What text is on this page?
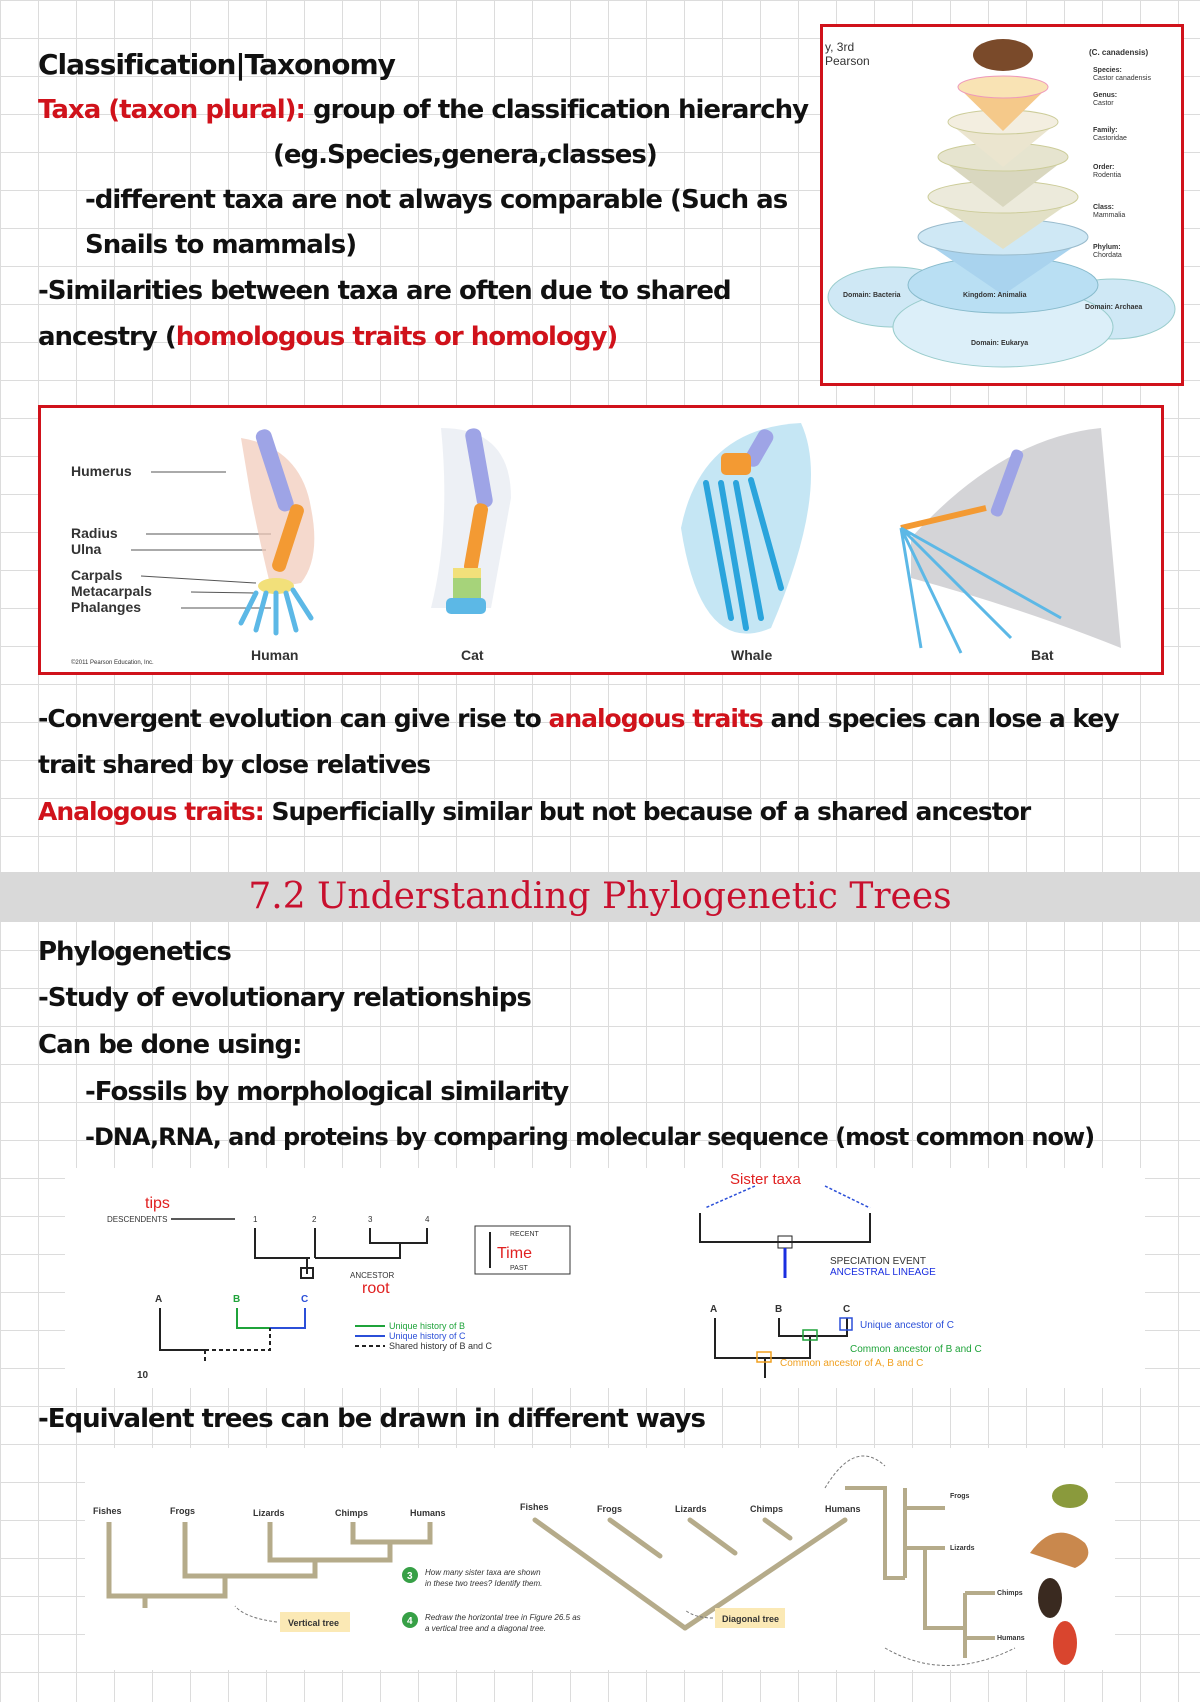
Classification|Taxonomy
Taxa (taxon plural): group of the classification hierarchy
(eg.Species,genera,classes)
-different taxa are not always comparable (Such as
Snails to mammals)
-Similarities between taxa are often due to shared
ancestry (homologous traits or homology)
y, 3rd
Pearson
(C. canadensis)
Species:
Castor canadensis
Genus:
Castor
Family:
Castoridae
Order:
Rodentia
Class:
Mammalia
Phylum:
Chordata
Domain: Bacteria	Kingdom: Animalia
Domain: Archaea
Domain: Eukarya
Humerus
Radius
Ulna
Carpals
Metacarpals
Phalanges
Human	Cat	Whale	Bat
©2011 Pearson Education, Inc.
-Convergent evolution can give rise to analogous traits and species can lose a key
trait shared by close relatives
Analogous traits: Superficially similar but not because of a shared ancestor
7.2 Understanding Phylogenetic Trees
Phylogenetics
-Study of evolutionary relationships
Can be done using:
-Fossils by morphological similarity
-DNA,RNA, and proteins by comparing molecular sequence (most common now)
tips
DESCENDENTS	1	2	3	4
ANCESTOR
root
RECENT
Time
PAST
Sister taxa
SPECIATION EVENT
ANCESTRAL LINEAGE
A	B	C
Unique history of B
Unique history of C
Shared history of B and C
10
A	B	C
Unique ancestor of C
Common ancestor of B and C
Common ancestor of A, B and C
-Equivalent trees can be drawn in different ways
Fishes	Frogs	Lizards	Chimps	Humans
Vertical tree
3 How many sister taxa are shown
in these two trees? Identify them.
4 Redraw the horizontal tree in Figure 26.5 as
a vertical tree and a diagonal tree.
Fishes	Frogs	Lizards	Chimps	Humans
Diagonal tree
Frogs
Lizards
Chimps
Humans
